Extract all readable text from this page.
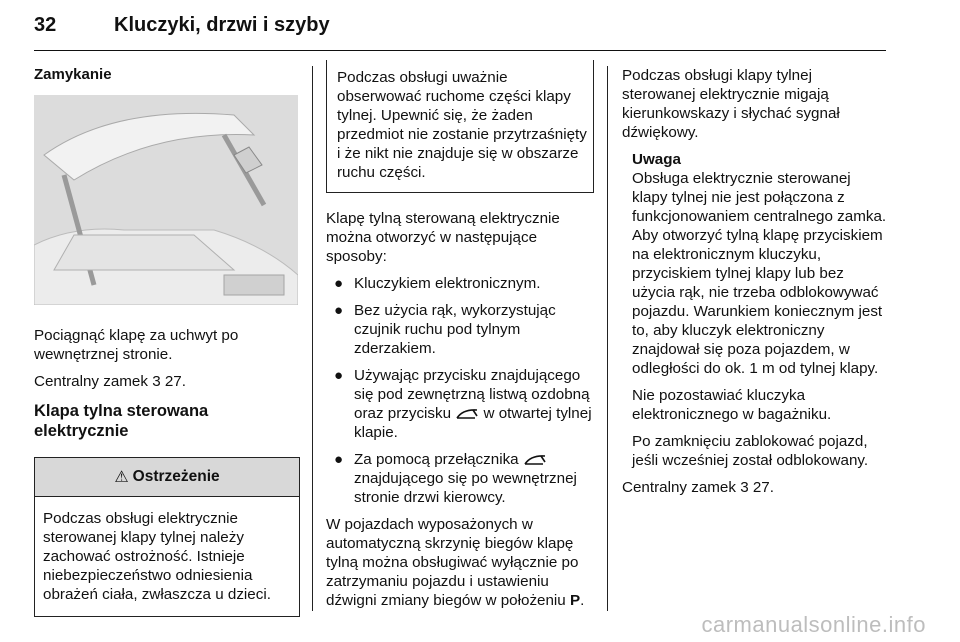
32	Kluczyki, drzwi i szyby
Zamykanie

Pociągnąć klapę za uchwyt po wewnętrznej stronie.

Centralny zamek 3 27.

Klapa tylna sterowana elektrycznie
⚠ Ostrzeżenie

Podczas obsługi elektrycznie sterowanej klapy tylnej należy zachować ostrożność. Istnieje niebezpieczeństwo odniesienia obrażeń ciała, zwłaszcza u dzieci.

Podczas obsługi uważnie obserwować ruchome części klapy tylnej. Upewnić się, że żaden przedmiot nie zostanie przytrzaśnięty i że nikt nie znajduje się w obszarze ruchu części.

Klapę tylną sterowaną elektrycznie można otworzyć w następujące sposoby:

● Kluczykiem elektronicznym.
● Bez użycia rąk, wykorzystując czujnik ruchu pod tylnym zderzakiem.
● Używając przycisku znajdującego się pod zewnętrzną listwą ozdobną oraz przycisku w otwartej tylnej klapie.
● Za pomocą przełącznika  znajdującego się po wewnętrznej stronie drzwi kierowcy.

W pojazdach wyposażonych w automatyczną skrzynię biegów klapę tylną można obsługiwać wyłącznie po zatrzymaniu pojazdu i ustawieniu dźwigni zmiany biegów w położeniu P.

Podczas obsługi klapy tylnej sterowanej elektrycznie migają kierunkowskazy i słychać sygnał dźwiękowy.

Uwaga

Obsługa elektrycznie sterowanej klapy tylnej nie jest połączona z funkcjonowaniem centralnego zamka. Aby otworzyć tylną klapę przyciskiem na elektronicznym kluczyku, przyciskiem tylnej klapy lub bez użycia rąk, nie trzeba odblokowywać pojazdu. Warunkiem koniecznym jest to, aby kluczyk elektroniczny znajdował się poza pojazdem, w odległości do ok. 1 m od tylnej klapy.

Nie pozostawiać kluczyka elektronicznego w bagażniku.

Po zamknięciu zablokować pojazd, jeśli wcześniej został odblokowany.

Centralny zamek 3 27.

carmanualsonline.info
